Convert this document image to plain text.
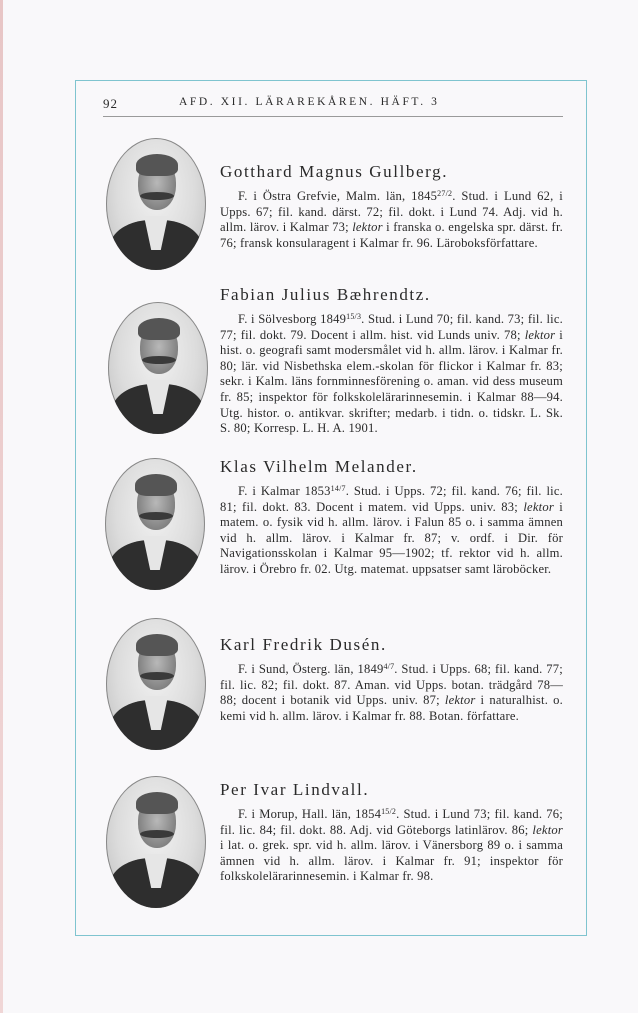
92	AFD. XII. LÄRAREKÅREN. HÄFT. 3
Gotthard Magnus Gullberg.

F. i Östra Grefvie, Malm. län, $1845^{27/2}$. Stud. i Lund 62, i Upps. 67; fil. kand. därst. 72; fil. dokt. i Lund 74. Adj. vid h. allm. lärov. i Kalmar 73; lektor i franska o. engelska spr. därst. fr. 76; fransk konsularagent i Kalmar fr. 96. Läroboksförfattare.

Fabian Julius Bæhrendtz.

F. i Sölvesborg $1849^{15/3}$. Stud. i Lund 70; fil. kand. 73; fil. lic. 77; fil. dokt. 79. Docent i allm. hist. vid Lunds univ. 78; lektor i hist. o. geografi samt modersmålet vid h. allm. lärov. i Kalmar fr. 80; lär. vid Nisbethska elem.-skolan för flickor i Kalmar fr. 83; sekr. i Kalm. läns fornminnesförening o. aman. vid dess museum fr. 85; inspektor för folkskolelärarinnesemin. i Kalmar 88—94. Utg. histor. o. antikvar. skrifter; medarb. i tidn. o. tidskr. L. Sk. S. 80; Korresp. L. H. A. 1901.

Klas Vilhelm Melander.

F. i Kalmar $1853^{14/7}$. Stud. i Upps. 72; fil. kand. 76; fil. lic. 81; fil. dokt. 83. Docent i matem. vid Upps. univ. 83; lektor i matem. o. fysik vid h. allm. lärov. i Falun 85 o. i samma ämnen vid h. allm. lärov. i Kalmar fr. 87; v. ordf. i Dir. för Navigationsskolan i Kalmar 95—1902; tf. rektor vid h. allm. lärov. i Örebro fr. 02. Utg. matemat. uppsatser samt läroböcker.

Karl Fredrik Dusén.

F. i Sund, Österg. län, $1849^{4/7}$. Stud. i Upps. 68; fil. kand. 77; fil. lic. 82; fil. dokt. 87. Aman. vid Upps. botan. trädgård 78—88; docent i botanik vid Upps. univ. 87; lektor i naturalhist. o. kemi vid h. allm. lärov. i Kalmar fr. 88. Botan. författare.

Per Ivar Lindvall.

F. i Morup, Hall. län, $1854^{15/2}$. Stud. i Lund 73; fil. kand. 76; fil. lic. 84; fil. dokt. 88. Adj. vid Göteborgs latinlärov. 86; lektor i lat. o. grek. spr. vid h. allm. lärov. i Vänersborg 89 o. i samma ämnen vid h. allm. lärov. i Kalmar fr. 91; inspektor för folkskolelärarinnesemin. i Kalmar fr. 98.
